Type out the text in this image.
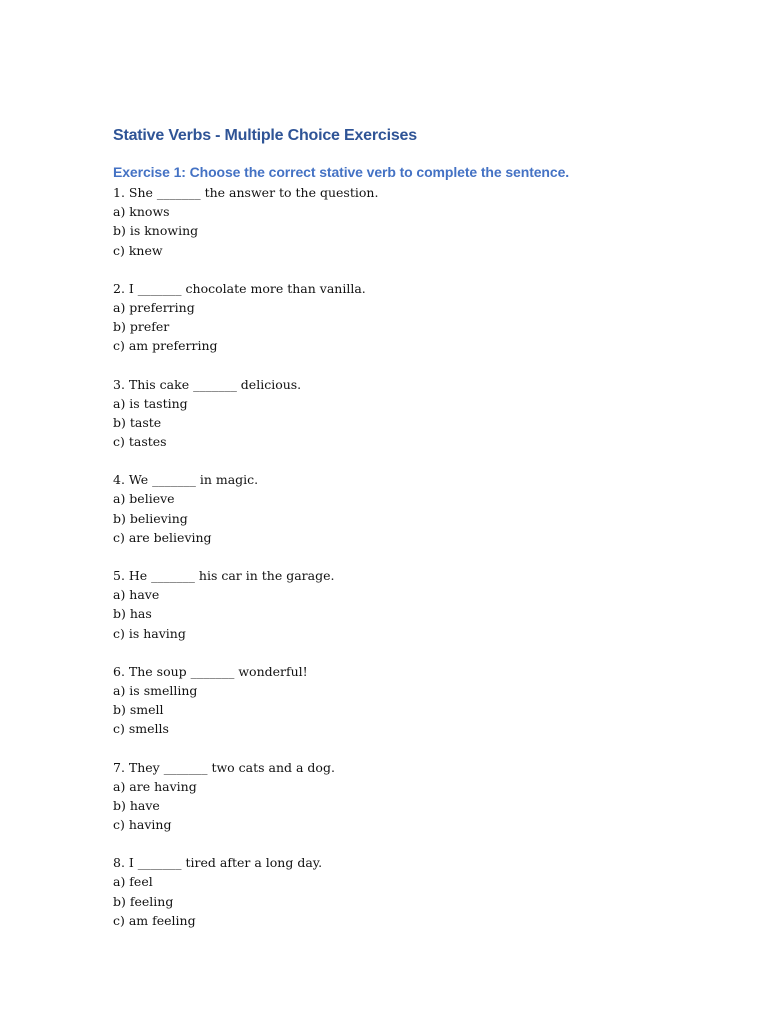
Stative Verbs - Multiple Choice Exercises
Exercise 1: Choose the correct stative verb to complete the sentence.
1. She _______ the answer to the question.
a) knows
b) is knowing
c) knew
2. I _______ chocolate more than vanilla.
a) preferring
b) prefer
c) am preferring
3. This cake _______ delicious.
a) is tasting
b) taste
c) tastes
4. We _______ in magic.
a) believe
b) believing
c) are believing
5. He _______ his car in the garage.
a) have
b) has
c) is having
6. The soup _______ wonderful!
a) is smelling
b) smell
c) smells
7. They _______ two cats and a dog.
a) are having
b) have
c) having
8. I _______ tired after a long day.
a) feel
b) feeling
c) am feeling
